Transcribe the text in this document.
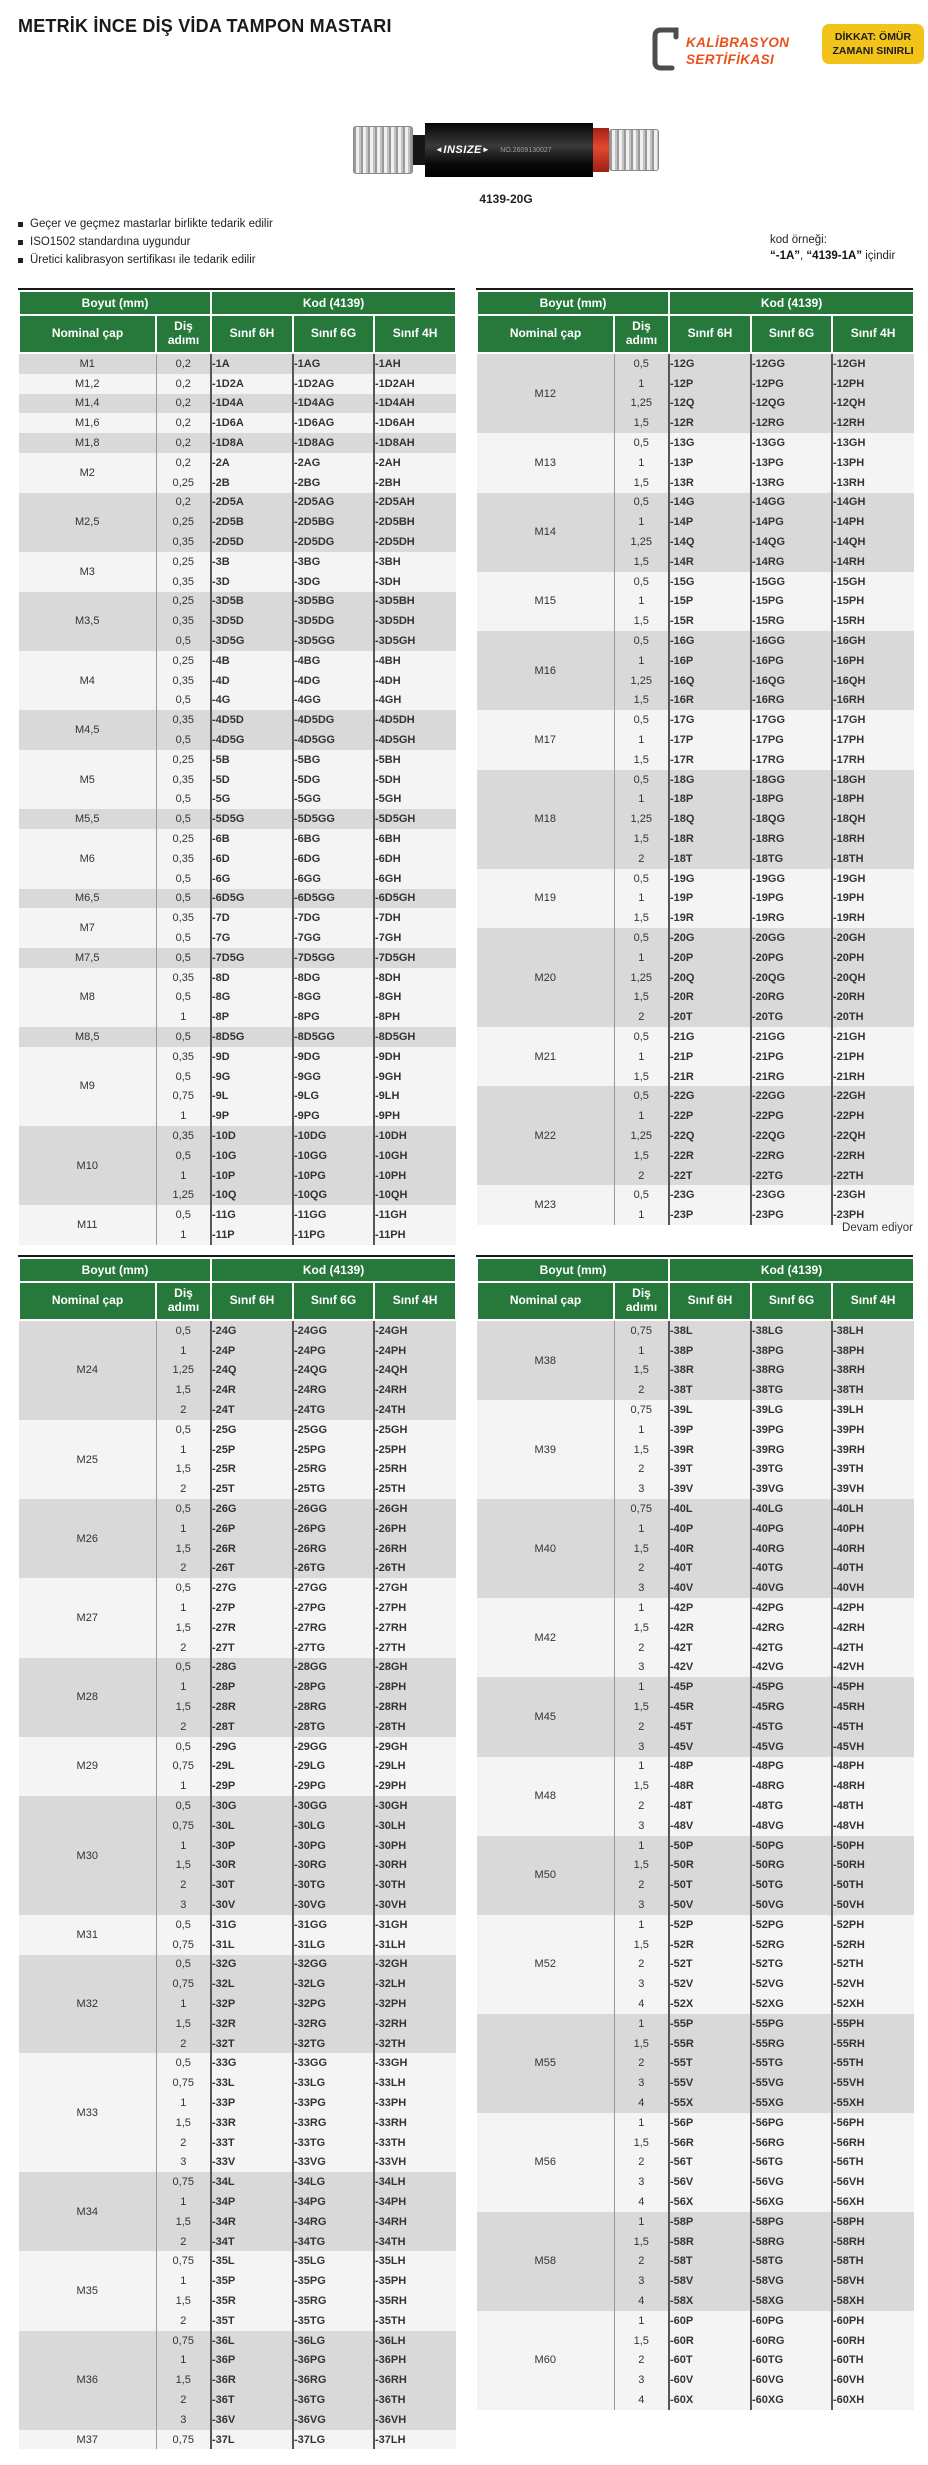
METRİK İNCE DİŞ VİDA TAMPON MASTARI
KALİBRASYON
SERTİFİKASI
DİKKAT: ÖMÜR
ZAMANI SINIRLI
◄INSIZE► NO.2609130027
4139-20G
Geçer ve geçmez mastarlar birlikte tedarik edilir
ISO1502 standardına uygundur
Üretici kalibrasyon sertifikası ile tedarik edilir
kod örneği:
“-1A”, “4139-1A” içindir
Boyut (mm)		Kod (4139)		
Nominal çap	Diş adımı	Sınıf 6H	Sınıf 6G	Sınıf 4H
M1	0,2	-1A	-1AG	-1AH
M1,2	0,2	-1D2A	-1D2AG	-1D2AH
M1,4	0,2	-1D4A	-1D4AG	-1D4AH
M1,6	0,2	-1D6A	-1D6AG	-1D6AH
M1,8	0,2	-1D8A	-1D8AG	-1D8AH
M2	0,2	-2A	-2AG	-2AH
	0,25	-2B	-2BG	-2BH
M2,5	0,2	-2D5A	-2D5AG	-2D5AH
	0,25	-2D5B	-2D5BG	-2D5BH
	0,35	-2D5D	-2D5DG	-2D5DH
M3	0,25	-3B	-3BG	-3BH
	0,35	-3D	-3DG	-3DH
M3,5	0,25	-3D5B	-3D5BG	-3D5BH
	0,35	-3D5D	-3D5DG	-3D5DH
	0,5	-3D5G	-3D5GG	-3D5GH
M4	0,25	-4B	-4BG	-4BH
	0,35	-4D	-4DG	-4DH
	0,5	-4G	-4GG	-4GH
M4,5	0,35	-4D5D	-4D5DG	-4D5DH
	0,5	-4D5G	-4D5GG	-4D5GH
M5	0,25	-5B	-5BG	-5BH
	0,35	-5D	-5DG	-5DH
	0,5	-5G	-5GG	-5GH
M5,5	0,5	-5D5G	-5D5GG	-5D5GH
M6	0,25	-6B	-6BG	-6BH
	0,35	-6D	-6DG	-6DH
	0,5	-6G	-6GG	-6GH
M6,5	0,5	-6D5G	-6D5GG	-6D5GH
M7	0,35	-7D	-7DG	-7DH
	0,5	-7G	-7GG	-7GH
M7,5	0,5	-7D5G	-7D5GG	-7D5GH
M8	0,35	-8D	-8DG	-8DH
	0,5	-8G	-8GG	-8GH
	1	-8P	-8PG	-8PH
M8,5	0,5	-8D5G	-8D5GG	-8D5GH
M9	0,35	-9D	-9DG	-9DH
	0,5	-9G	-9GG	-9GH
	0,75	-9L	-9LG	-9LH
	1	-9P	-9PG	-9PH
M10	0,35	-10D	-10DG	-10DH
	0,5	-10G	-10GG	-10GH
	1	-10P	-10PG	-10PH
	1,25	-10Q	-10QG	-10QH
M11	0,5	-11G	-11GG	-11GH
	1	-11P	-11PG	-11PH
Boyut (mm)		Kod (4139)		
Nominal çap	Diş adımı	Sınıf 6H	Sınıf 6G	Sınıf 4H
M12	0,5	-12G	-12GG	-12GH
	1	-12P	-12PG	-12PH
	1,25	-12Q	-12QG	-12QH
	1,5	-12R	-12RG	-12RH
M13	0,5	-13G	-13GG	-13GH
	1	-13P	-13PG	-13PH
	1,5	-13R	-13RG	-13RH
M14	0,5	-14G	-14GG	-14GH
	1	-14P	-14PG	-14PH
	1,25	-14Q	-14QG	-14QH
	1,5	-14R	-14RG	-14RH
M15	0,5	-15G	-15GG	-15GH
	1	-15P	-15PG	-15PH
	1,5	-15R	-15RG	-15RH
M16	0,5	-16G	-16GG	-16GH
	1	-16P	-16PG	-16PH
	1,25	-16Q	-16QG	-16QH
	1,5	-16R	-16RG	-16RH
M17	0,5	-17G	-17GG	-17GH
	1	-17P	-17PG	-17PH
	1,5	-17R	-17RG	-17RH
M18	0,5	-18G	-18GG	-18GH
	1	-18P	-18PG	-18PH
	1,25	-18Q	-18QG	-18QH
	1,5	-18R	-18RG	-18RH
	2	-18T	-18TG	-18TH
M19	0,5	-19G	-19GG	-19GH
	1	-19P	-19PG	-19PH
	1,5	-19R	-19RG	-19RH
M20	0,5	-20G	-20GG	-20GH
	1	-20P	-20PG	-20PH
	1,25	-20Q	-20QG	-20QH
	1,5	-20R	-20RG	-20RH
	2	-20T	-20TG	-20TH
M21	0,5	-21G	-21GG	-21GH
	1	-21P	-21PG	-21PH
	1,5	-21R	-21RG	-21RH
M22	0,5	-22G	-22GG	-22GH
	1	-22P	-22PG	-22PH
	1,25	-22Q	-22QG	-22QH
	1,5	-22R	-22RG	-22RH
	2	-22T	-22TG	-22TH
M23	0,5	-23G	-23GG	-23GH
	1	-23P	-23PG	-23PH
Devam ediyor
Boyut (mm)		Kod (4139)		
Nominal çap	Diş adımı	Sınıf 6H	Sınıf 6G	Sınıf 4H
M24	0,5	-24G	-24GG	-24GH
	1	-24P	-24PG	-24PH
	1,25	-24Q	-24QG	-24QH
	1,5	-24R	-24RG	-24RH
	2	-24T	-24TG	-24TH
M25	0,5	-25G	-25GG	-25GH
	1	-25P	-25PG	-25PH
	1,5	-25R	-25RG	-25RH
	2	-25T	-25TG	-25TH
M26	0,5	-26G	-26GG	-26GH
	1	-26P	-26PG	-26PH
	1,5	-26R	-26RG	-26RH
	2	-26T	-26TG	-26TH
M27	0,5	-27G	-27GG	-27GH
	1	-27P	-27PG	-27PH
	1,5	-27R	-27RG	-27RH
	2	-27T	-27TG	-27TH
M28	0,5	-28G	-28GG	-28GH
	1	-28P	-28PG	-28PH
	1,5	-28R	-28RG	-28RH
	2	-28T	-28TG	-28TH
M29	0,5	-29G	-29GG	-29GH
	0,75	-29L	-29LG	-29LH
	1	-29P	-29PG	-29PH
M30	0,5	-30G	-30GG	-30GH
	0,75	-30L	-30LG	-30LH
	1	-30P	-30PG	-30PH
	1,5	-30R	-30RG	-30RH
	2	-30T	-30TG	-30TH
	3	-30V	-30VG	-30VH
M31	0,5	-31G	-31GG	-31GH
	0,75	-31L	-31LG	-31LH
M32	0,5	-32G	-32GG	-32GH
	0,75	-32L	-32LG	-32LH
	1	-32P	-32PG	-32PH
	1,5	-32R	-32RG	-32RH
	2	-32T	-32TG	-32TH
M33	0,5	-33G	-33GG	-33GH
	0,75	-33L	-33LG	-33LH
	1	-33P	-33PG	-33PH
	1,5	-33R	-33RG	-33RH
	2	-33T	-33TG	-33TH
	3	-33V	-33VG	-33VH
M34	0,75	-34L	-34LG	-34LH
	1	-34P	-34PG	-34PH
	1,5	-34R	-34RG	-34RH
	2	-34T	-34TG	-34TH
M35	0,75	-35L	-35LG	-35LH
	1	-35P	-35PG	-35PH
	1,5	-35R	-35RG	-35RH
	2	-35T	-35TG	-35TH
M36	0,75	-36L	-36LG	-36LH
	1	-36P	-36PG	-36PH
	1,5	-36R	-36RG	-36RH
	2	-36T	-36TG	-36TH
	3	-36V	-36VG	-36VH
M37	0,75	-37L	-37LG	-37LH
Boyut (mm)		Kod (4139)		
Nominal çap	Diş adımı	Sınıf 6H	Sınıf 6G	Sınıf 4H
M38	0,75	-38L	-38LG	-38LH
	1	-38P	-38PG	-38PH
	1,5	-38R	-38RG	-38RH
	2	-38T	-38TG	-38TH
M39	0,75	-39L	-39LG	-39LH
	1	-39P	-39PG	-39PH
	1,5	-39R	-39RG	-39RH
	2	-39T	-39TG	-39TH
	3	-39V	-39VG	-39VH
M40	0,75	-40L	-40LG	-40LH
	1	-40P	-40PG	-40PH
	1,5	-40R	-40RG	-40RH
	2	-40T	-40TG	-40TH
	3	-40V	-40VG	-40VH
M42	1	-42P	-42PG	-42PH
	1,5	-42R	-42RG	-42RH
	2	-42T	-42TG	-42TH
	3	-42V	-42VG	-42VH
M45	1	-45P	-45PG	-45PH
	1,5	-45R	-45RG	-45RH
	2	-45T	-45TG	-45TH
	3	-45V	-45VG	-45VH
M48	1	-48P	-48PG	-48PH
	1,5	-48R	-48RG	-48RH
	2	-48T	-48TG	-48TH
	3	-48V	-48VG	-48VH
M50	1	-50P	-50PG	-50PH
	1,5	-50R	-50RG	-50RH
	2	-50T	-50TG	-50TH
	3	-50V	-50VG	-50VH
M52	1	-52P	-52PG	-52PH
	1,5	-52R	-52RG	-52RH
	2	-52T	-52TG	-52TH
	3	-52V	-52VG	-52VH
	4	-52X	-52XG	-52XH
M55	1	-55P	-55PG	-55PH
	1,5	-55R	-55RG	-55RH
	2	-55T	-55TG	-55TH
	3	-55V	-55VG	-55VH
	4	-55X	-55XG	-55XH
M56	1	-56P	-56PG	-56PH
	1,5	-56R	-56RG	-56RH
	2	-56T	-56TG	-56TH
	3	-56V	-56VG	-56VH
	4	-56X	-56XG	-56XH
M58	1	-58P	-58PG	-58PH
	1,5	-58R	-58RG	-58RH
	2	-58T	-58TG	-58TH
	3	-58V	-58VG	-58VH
	4	-58X	-58XG	-58XH
M60	1	-60P	-60PG	-60PH
	1,5	-60R	-60RG	-60RH
	2	-60T	-60TG	-60TH
	3	-60V	-60VG	-60VH
	4	-60X	-60XG	-60XH
